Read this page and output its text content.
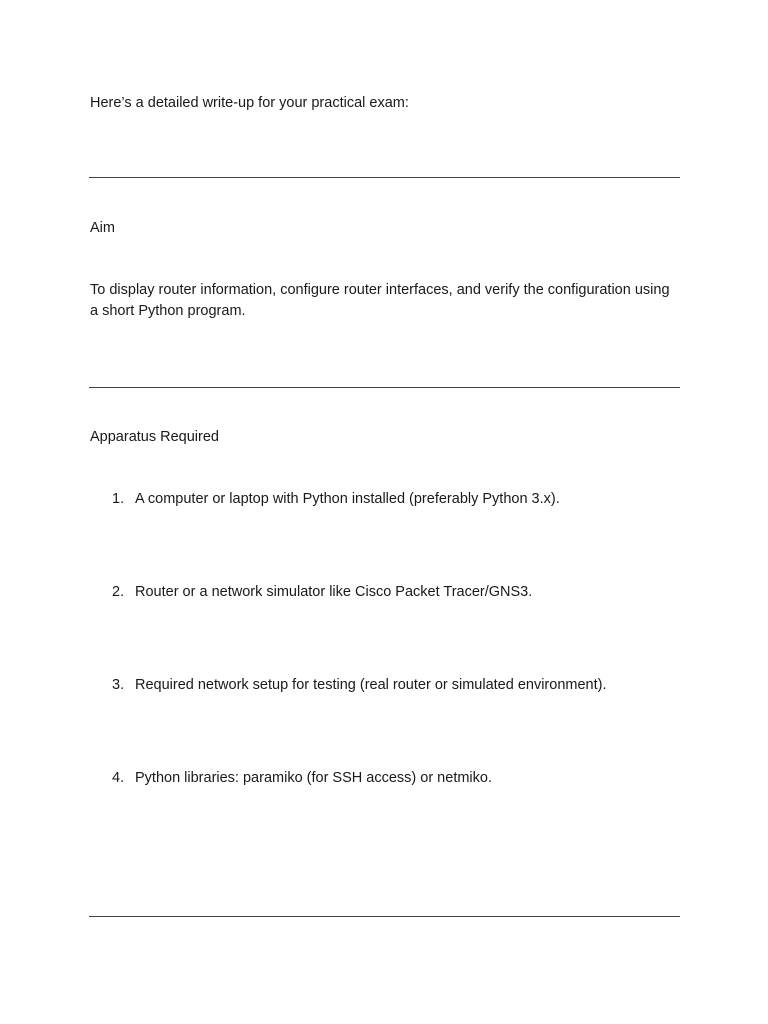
Here’s a detailed write-up for your practical exam:

Aim

To display router information, configure router interfaces, and verify the configuration using a short Python program.

Apparatus Required

1. A computer or laptop with Python installed (preferably Python 3.x).
2. Router or a network simulator like Cisco Packet Tracer/GNS3.
3. Required network setup for testing (real router or simulated environment).
4. Python libraries: paramiko (for SSH access) or netmiko.
